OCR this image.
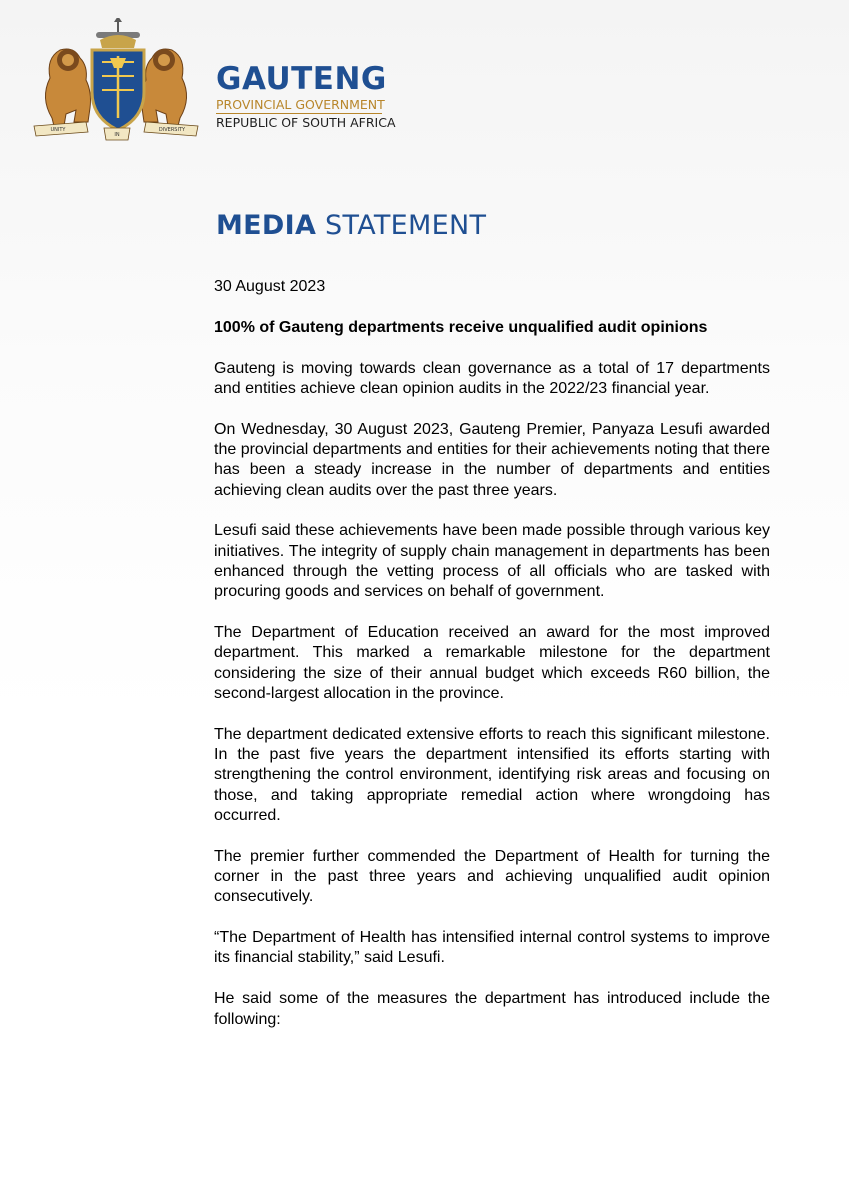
UNITY
IN
DIVERSITY
GAUTENG
PROVINCIAL GOVERNMENT
REPUBLIC OF SOUTH AFRICA
MEDIA STATEMENT

30 August 2023

100% of Gauteng departments receive unqualified audit opinions

Gauteng is moving towards clean governance as a total of 17 departments and entities achieve clean opinion audits in the 2022/23 financial year.

On Wednesday, 30 August 2023, Gauteng Premier, Panyaza Lesufi awarded the provincial departments and entities for their achievements noting that there has been a steady increase in the number of departments and entities achieving clean audits over the past three years.

Lesufi said these achievements have been made possible through various key initiatives. The integrity of supply chain management in departments has been enhanced through the vetting process of all officials who are tasked with procuring goods and services on behalf of government.

The Department of Education received an award for the most improved department. This marked a remarkable milestone for the department considering the size of their annual budget which exceeds R60 billion, the second-largest allocation in the province.

The department dedicated extensive efforts to reach this significant milestone. In the past five years the department intensified its efforts starting with strengthening the control environment, identifying risk areas and focusing on those, and taking appropriate remedial action where wrongdoing has occurred.

The premier further commended the Department of Health for turning the corner in the past three years and achieving unqualified audit opinion consecutively.

“The Department of Health has intensified internal control systems to improve its financial stability,” said Lesufi.

He said some of the measures the department has introduced include the following:
